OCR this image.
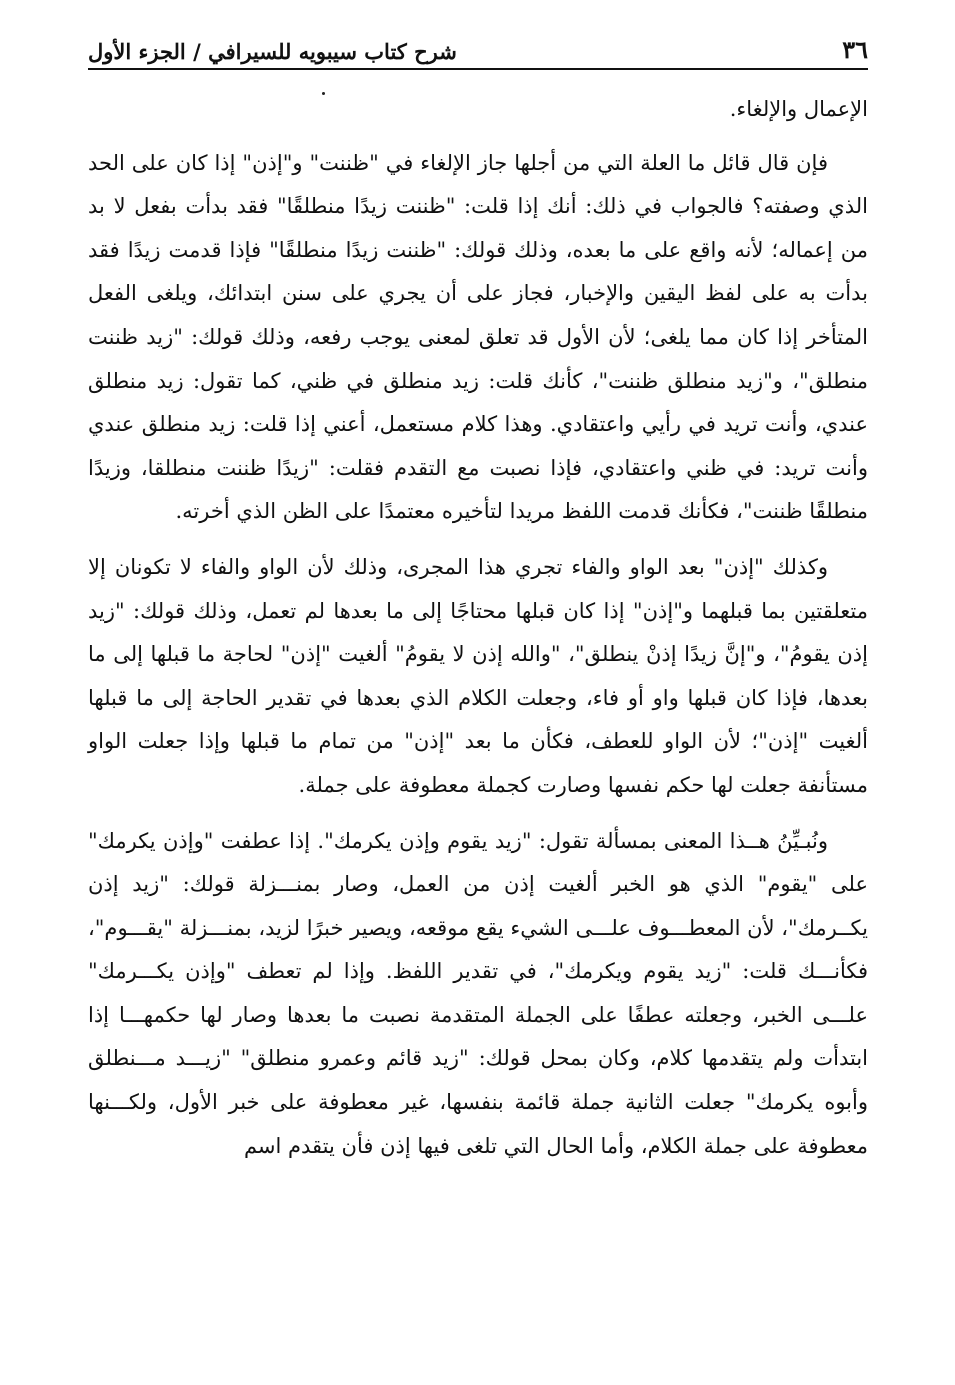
٣٦
شرح كتاب سيبويه للسيرافي / الجزء الأول

الإعمال والإلغاء.

فإن قال قائل ما العلة التي من أجلها جاز الإلغاء في "ظننت" و"إذن" إذا كان على الحد الذي وصفته؟ فالجواب في ذلك: أنك إذا قلت: "ظننت زيدًا منطلقًا" فقد بدأت بفعل لا بد من إعماله؛ لأنه واقع على ما بعده، وذلك قولك: "ظننت زيدًا منطلقًا" فإذا قدمت زيدًا فقد بدأت به على لفظ اليقين والإخبار، فجاز على أن يجري على سنن ابتدائك، ويلغى الفعل المتأخر إذا كان مما يلغى؛ لأن الأول قد تعلق لمعنى يوجب رفعه، وذلك قولك: "زيد ظننت منطلق"، و"زيد منطلق ظننت"، كأنك قلت: زيد منطلق في ظني، كما تقول: زيد منطلق عندي، وأنت تريد في رأيي واعتقادي. وهذا كلام مستعمل، أعني إذا قلت: زيد منطلق عندي وأنت تريد: في ظني واعتقادي، فإذا نصبت مع التقدم فقلت: "زيدًا ظننت منطلقا، وزيدًا منطلقًا ظننت"، فكأنك قدمت اللفظ مريدا لتأخيره معتمدًا على الظن الذي أخرته.

وكذلك "إذن" بعد الواو والفاء تجري هذا المجرى، وذلك لأن الواو والفاء لا تكونان إلا متعلقتين بما قبلهما و"إذن" إذا كان قبلها محتاجًا إلى ما بعدها لم تعمل، وذلك قولك: "زيد إذن يقومُ"، و"إنَّ زيدًا إذنْ ينطلق"، "والله إذن لا يقومُ" ألغيت "إذن" لحاجة ما قبلها إلى ما بعدها، فإذا كان قبلها واو أو فاء، وجعلت الكلام الذي بعدها في تقدير الحاجة إلى ما قبلها ألغيت "إذن"؛ لأن الواو للعطف، فكأن ما بعد "إذن" من تمام ما قبلها وإذا جعلت الواو مستأنفة جعلت لها حكم نفسها وصارت كجملة معطوفة على جملة.

ونُبـيِّنُ هــذا المعنى بمسألة تقول: "زيد يقوم وإذن يكرمك". إذا عطفت "وإذن يكرمك" على "يقوم" الذي هو الخبر ألغيت إذن من العمل، وصار بمنـــزلة قولك: "زيد إذن يكــرمك"، لأن المعطـــوف علـــى الشيء يقع موقعه، ويصير خبرًا لزيد، بمنـــزلة "يقـــوم"، فكأنـــك قلت: "زيد يقوم ويكرمك"، في تقدير اللفظ. وإذا لم تعطف "وإذن يكـــرمك" علـــى الخبر، وجعلته عطفًا على الجملة المتقدمة نصبت ما بعدها وصار لها حكمهـــا إذا ابتدأت ولم يتقدمها كلام، وكان بمحل قولك: "زيد قائم وعمرو منطلق" "زيـــد مـــنطلق وأبوه يكرمك" جعلت الثانية جملة قائمة بنفسها، غير معطوفة على خبر الأول، ولكـــنها معطوفة على جملة الكلام، وأما الحال التي تلغى فيها إذن فأن يتقدم اسم
